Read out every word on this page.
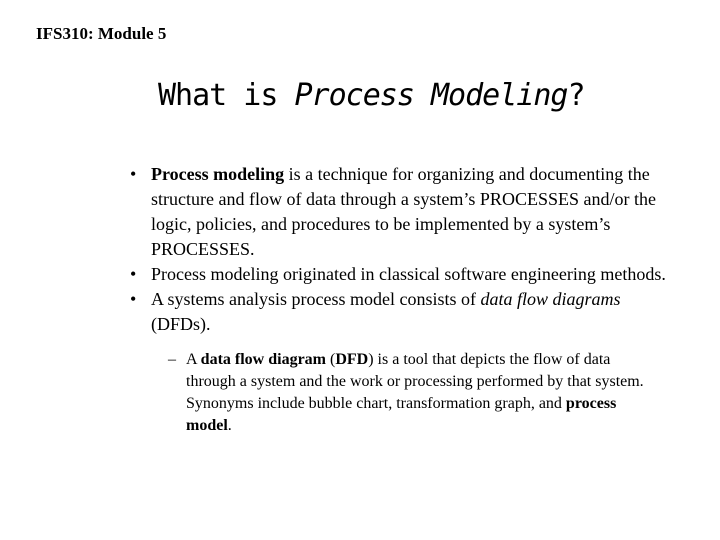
IFS310: Module 5
What is Process Modeling?
• Process modeling is a technique for organizing and documenting the structure and flow of data through a system’s PROCESSES and/or the logic, policies, and procedures to be implemented by a system’s PROCESSES.
• Process modeling originated in classical software engineering methods.
• A systems analysis process model consists of data flow diagrams (DFDs).
– A data flow diagram (DFD) is a tool that depicts the flow of data through a system and the work or processing performed by that system. Synonyms include bubble chart, transformation graph, and process model.
